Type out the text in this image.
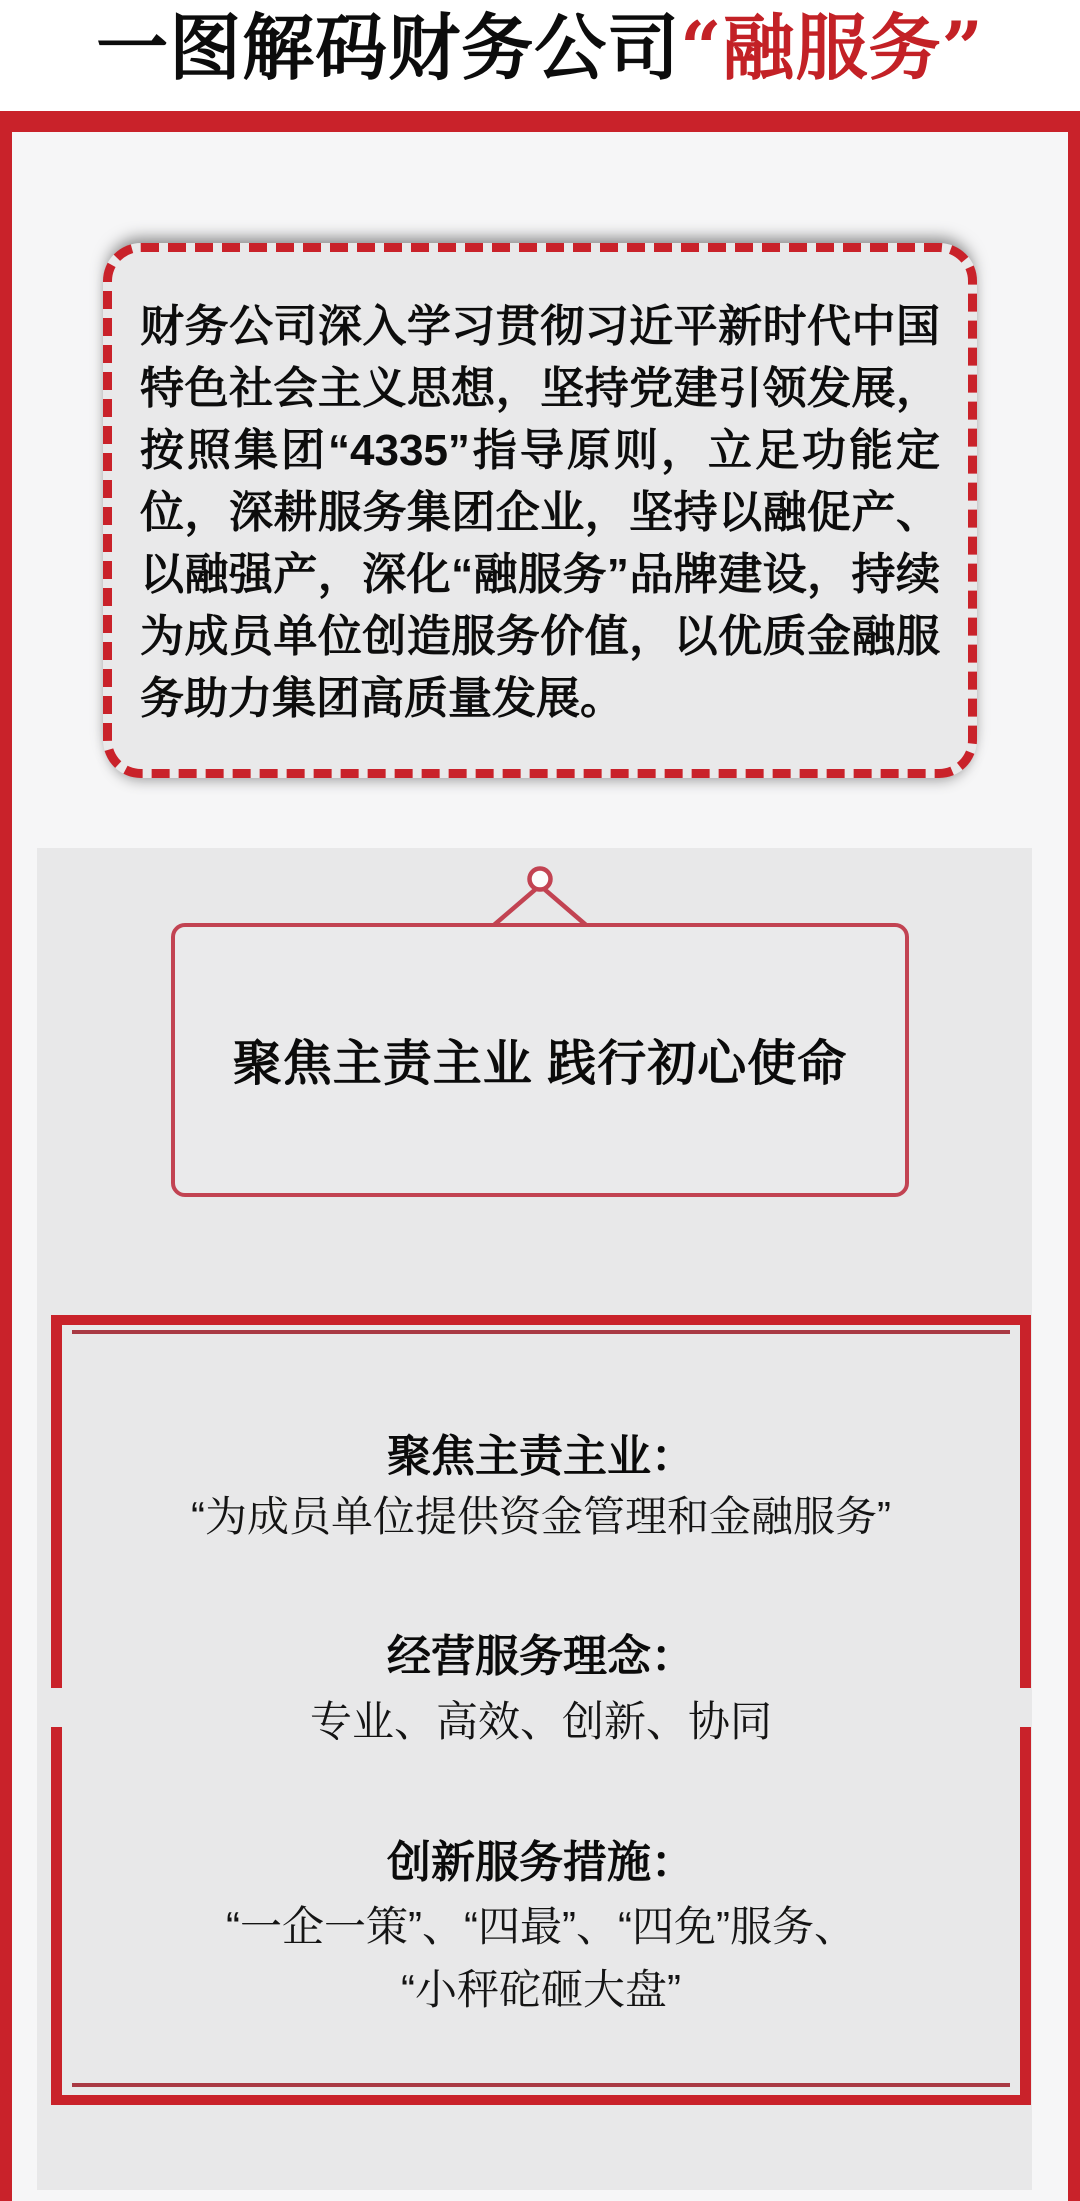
一图解码财务公司“融服务”
财务公司深入学习贯彻习近平新时代中国特色社会主义思想，坚持党建引领发展，按照集团“4335”指导原则，立足功能定位，深耕服务集团企业，坚持以融促产、以融强产，深化“融服务”品牌建设，持续为成员单位创造服务价值，以优质金融服务助力集团高质量发展。
聚焦主责主业 践行初心使命
聚焦主责主业：
“为成员单位提供资金管理和金融服务”
经营服务理念：
专业、高效、创新、协同
创新服务措施：
“一企一策”、“四最”、“四免”服务、
“小秤砣砸大盘”
